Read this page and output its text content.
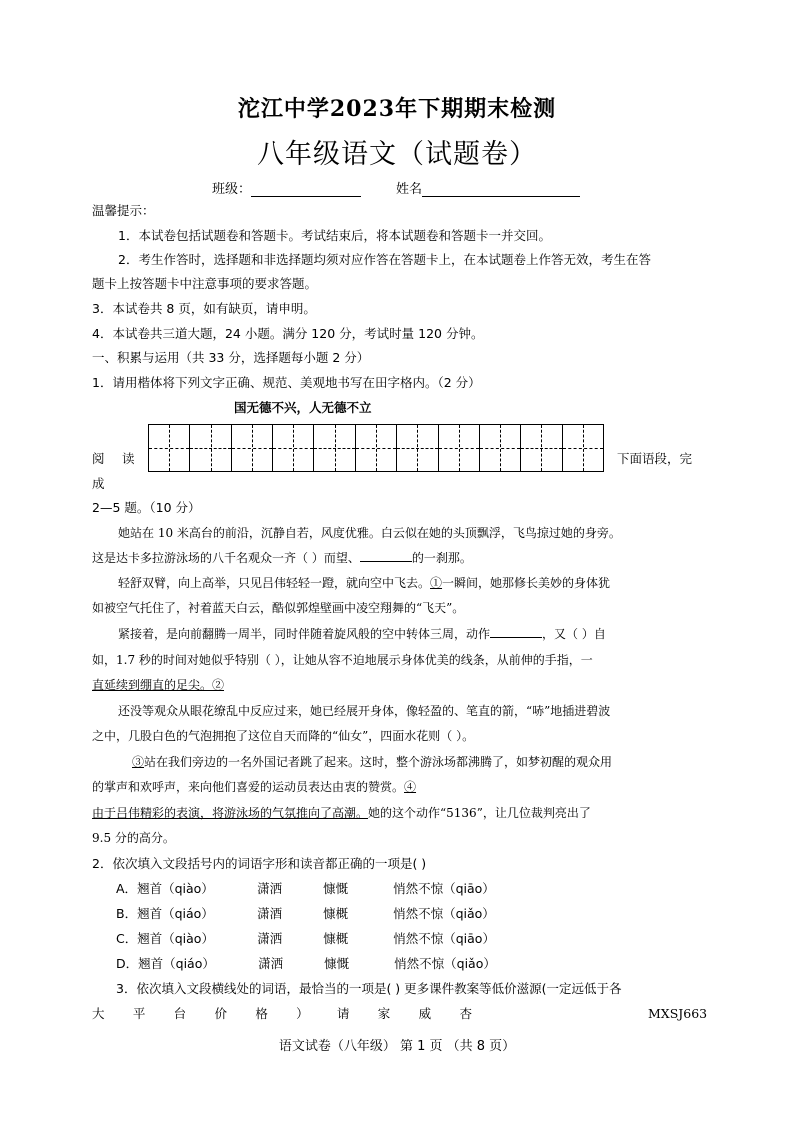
沱江中学2023年下期期末检测
八年级语文（试题卷）
班级：	姓名
温馨提示：
1．本试卷包括试题卷和答题卡。考试结束后，将本试题卷和答题卡一并交回。
2．考生作答时，选择题和非选择题均须对应作答在答题卡上，在本试题卷上作答无效，考生在答
题卡上按答题卡中注意事项的要求答题。
3．本试卷共 8 页，如有缺页，请申明。
4．本试卷共三道大题，24 小题。满分 120 分，考试时量 120 分钟。
一、积累与运用（共 33 分，选择题每小题 2 分）
1．请用楷体将下列文字正确、规范、美观地书写在田字格内。（2 分）
国无德不兴，人无德不立
阅 读	下面语段，完
成
2—5 题。（10 分）
她站在 10 米高台的前沿，沉静自若，风度优雅。白云似在她的头顶飘浮，飞鸟掠过她的身旁。
这是达卡多拉游泳场的八千名观众一齐（ ）而望、	的一刹那。
轻舒双臂，向上高举，只见吕伟轻轻一蹬，就向空中飞去。①一瞬间，她那修长美妙的身体犹
如被空气托住了，衬着蓝天白云，酷似郭煌壁画中凌空翔舞的“飞天”。
紧接着，是向前翻腾一周半，同时伴随着旋风般的空中转体三周，动作	，又（ ）自
如，1.7 秒的时间对她似乎特别（ ），让她从容不迫地展示身体优美的线条，从前伸的手指，一
直延续到绷直的足尖。②
还没等观众从眼花缭乱中反应过来，她已经展开身体，像轻盈的、笔直的箭，“哧”地插进碧波
之中，几股白色的气泡拥抱了这位自天而降的“仙女”，四面水花则（ ）。
③站在我们旁边的一名外国记者跳了起来。这时，整个游泳场都沸腾了，如梦初醒的观众用
的掌声和欢呼声，来向他们喜爱的运动员表达由衷的赞赏。④
由于吕伟精彩的表演，将游泳场的气氛推向了高潮。她的这个动作“5136”，让几位裁判亮出了
9.5 分的高分。
2．依次填入文段括号内的词语字形和读音都正确的一项是( )
A．翘首（qiào）	潇洒	慷慨	悄然不惊（qiāo）
B．翘首（qiáo）	潇酒	慷概	悄然不惊（qiǎo）
C．翘首（qiào）	潇洒	慷概	悄然不惊（qiāo）
D．翘首（qiáo）	潇洒	慷慨	悄然不惊（qiǎo）
3．依次填入文段横线处的词语，最恰当的一项是( ) 更多课件教案等低价滋源(一定远低于各
大 平 台 价 格 ） 请 家 威 杏	MXSJ663
语文试卷（八年级） 第 1 页 （共 8 页）
